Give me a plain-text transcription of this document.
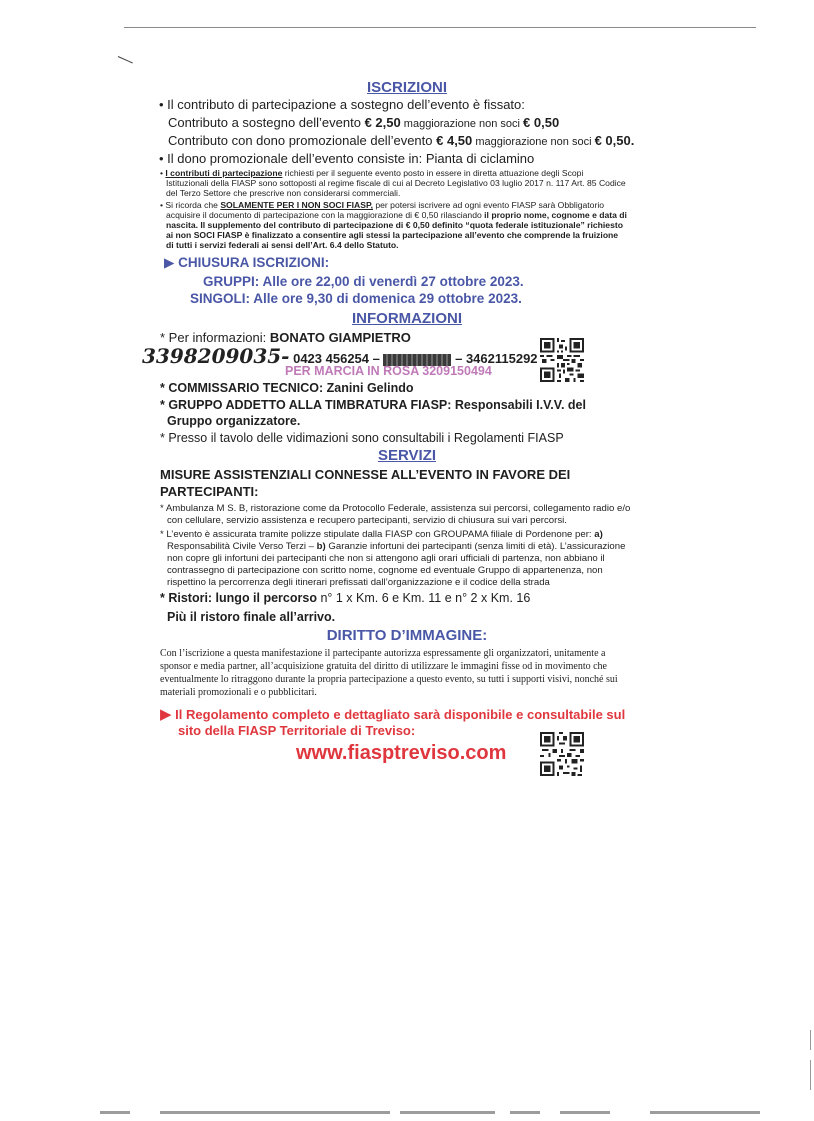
ISCRIZIONI
• Il contributo di partecipazione a sostegno dell’evento è fissato:
Contributo a sostegno dell’evento € 2,50 maggiorazione non soci € 0,50
Contributo con dono promozionale dell’evento € 4,50 maggiorazione non soci € 0,50.
• Il dono promozionale dell’evento consiste in: Pianta di ciclamino
• I contributi di partecipazione richiesti per il seguente evento posto in essere in diretta attuazione degli Scopi
Istituzionali della FIASP sono sottoposti al regime fiscale di cui al Decreto Legislativo 03 luglio 2017 n. 117 Art. 85 Codice
del Terzo Settore che prescrive non considerarsi commerciali.
• Si ricorda che SOLAMENTE PER I NON SOCI FIASP, per potersi iscrivere ad ogni evento FIASP sarà Obbligatorio
acquisire il documento di partecipazione con la maggiorazione di € 0,50 rilasciando il proprio nome, cognome e data di
nascita. Il supplemento del contributo di partecipazione di € 0,50 definito “quota federale istituzionale” richiesto
ai non SOCI FIASP è finalizzato a consentire agli stessi la partecipazione all’evento che comprende la fruizione
di tutti i servizi federali ai sensi dell’Art. 6.4 dello Statuto.
▶ CHIUSURA ISCRIZIONI:
GRUPPI: Alle ore 22,00 di venerdì 27 ottobre 2023.
SINGOLI: Alle ore 9,30 di domenica 29 ottobre 2023.
INFORMAZIONI
* Per informazioni: BONATO GIAMPIETRO
3398209035- 0423 456254 –	– 3462115292
PER MARCIA IN ROSA 3209150494
* COMMISSARIO TECNICO: Zanini Gelindo
* GRUPPO ADDETTO ALLA TIMBRATURA FIASP: Responsabili I.V.V. del
Gruppo organizzatore.
* Presso il tavolo delle vidimazioni sono consultabili i Regolamenti FIASP
SERVIZI
MISURE ASSISTENZIALI CONNESSE ALL’EVENTO IN FAVORE DEI
PARTECIPANTI:
* Ambulanza M S. B, ristorazione come da Protocollo Federale, assistenza sui percorsi, collegamento radio e/o
con cellulare, servizio assistenza e recupero partecipanti, servizio di chiusura sui vari percorsi.
* L’evento è assicurata tramite polizze stipulate dalla FIASP con GROUPAMA filiale di Pordenone per: a)
Responsabilità Civile Verso Terzi – b) Garanzie infortuni dei partecipanti (senza limiti di età). L’assicurazione
non copre gli infortuni dei partecipanti che non si attengono agli orari ufficiali di partenza, non abbiano il
contrassegno di partecipazione con scritto nome, cognome ed eventuale Gruppo di appartenenza, non
rispettino la percorrenza degli itinerari prefissati dall’organizzazione e il codice della strada
* Ristori: lungo il percorso n° 1 x Km. 6 e Km. 11 e n° 2 x Km. 16
Più il ristoro finale all’arrivo.
DIRITTO D’IMMAGINE:
Con l’iscrizione a questa manifestazione il partecipante autorizza espressamente gli organizzatori, unitamente a
sponsor e media partner, all’acquisizione gratuita del diritto di utilizzare le immagini fisse od in movimento che
eventualmente lo ritraggono durante la propria partecipazione a questo evento, su tutti i supporti visivi, nonché sui
materiali promozionali e o pubblicitari.
▶ Il Regolamento completo e dettagliato sarà disponibile e consultabile sul
sito della FIASP Territoriale di Treviso:
www.fiasptreviso.com
